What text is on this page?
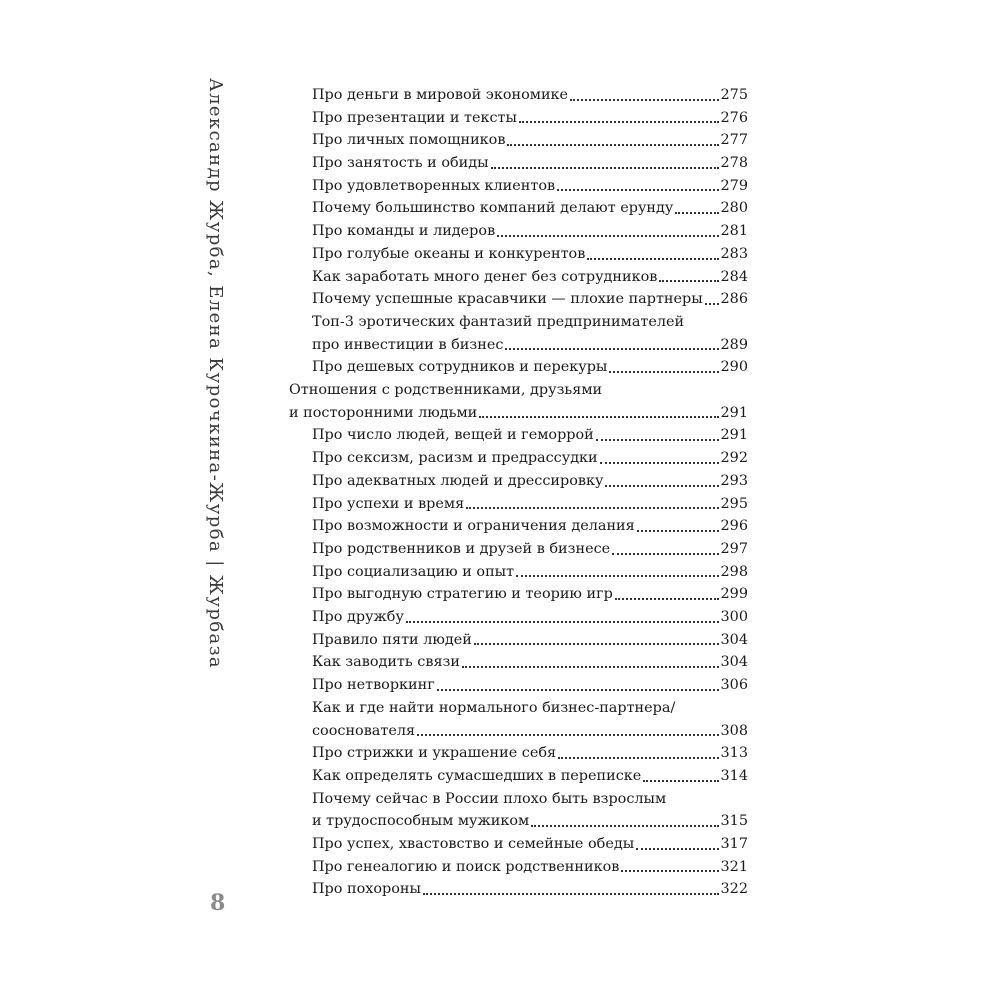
Александр Журба, Елена Курочкина-Журба | Журбаза
8
Про деньги в мировой экономике	275
Про презентации и тексты	276
Про личных помощников	277
Про занятость и обиды	278
Про удовлетворенных клиентов	279
Почему большинство компаний делают ерунду	280
Про команды и лидеров	281
Про голубые океаны и конкурентов	283
Как заработать много денег без сотрудников	284
Почему успешные красавчики — плохие партнеры 286
Топ-3 эротических фантазий предпринимателей
про инвестиции в бизнес	289
Про дешевых сотрудников и перекуры	290
Отношения с родственниками, друзьями
и посторонними людьми	291
Про число людей, вещей и геморрой	291
Про сексизм, расизм и предрассудки	292
Про адекватных людей и дрессировку	293
Про успехи и время	295
Про возможности и ограничения делания	296
Про родственников и друзей в бизнесе	297
Про социализацию и опыт	298
Про выгодную стратегию и теорию игр	299
Про дружбу	300
Правило пяти людей	304
Как заводить связи	304
Про нетворкинг	306
Как и где найти нормального бизнес-партнера/
сооснователя	308
Про стрижки и украшение себя	313
Как определять сумасшедших в переписке	314
Почему сейчас в России плохо быть взрослым
и трудоспособным мужиком	315
Про успех, хвастовство и семейные обеды	317
Про генеалогию и поиск родственников	321
Про похороны	322
